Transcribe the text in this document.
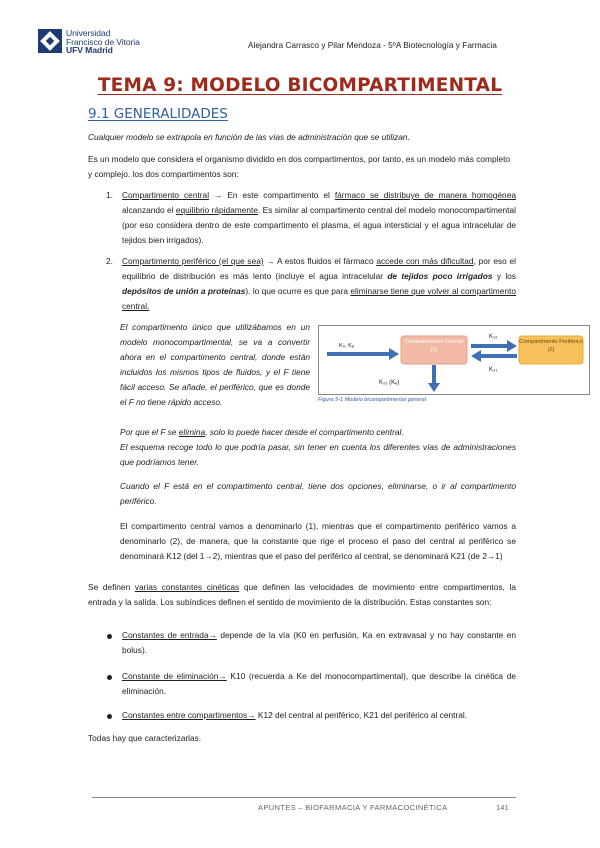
Universidad
Francisco de Vitoria
UFV Madrid
Alejandra Carrasco y Pilar Mendoza - 5ºA Biotecnología y Farmacia
TEMA 9: MODELO BICOMPARTIMENTAL
9.1 GENERALIDADES
Cualquier modelo se extrapola en función de las vías de administración que se utilizan.
Es un modelo que considera el organismo dividido en dos compartimentos, por tanto, es un modelo más completo y complejo. los dos compartimentos son:
1. Compartimento central → En este compartimento el fármaco se distribuye de manera homogénea alcanzando el equilibrio rápidamente. Es similar al compartimento central del modelo monocompartimental (por eso considera dentro de este compartimento el plasma, el agua intersticial y el agua intracelular de tejidos bien irrigados).
2. Compartimento periférico (el que sea) → A estos fluidos el fármaco accede con más dificultad, por eso el equilibrio de distribución es más lento (incluye el agua intracelular de tejidos poco irrigados y los depósitos de unión a proteínas). lo que ocurre es que para eliminarse tiene que volver al compartimento central.
El compartimento único que utilizábamos en un modelo monocompartimental, se va a convertir ahora en el compartimento central, donde están incluidos los mismos tipos de fluidos, y el F tiene fácil acceso. Se añade, el periférico, que es donde el F no tiene rápido acceso.
K₀, Kₐ
Compartimento Central (1)
Compartimento Periférico (2)
K₁₂
K₂₁
K₁₀ (Kₑ)
Figura 5-1 Modelo bicompartimental general
Por que el F se elimina, solo lo puede hacer desde el compartimento central.
El esquema recoge todo lo que podría pasar, sin tener en cuenta los diferentes vías de administraciones que podríamos tener.
Cuando el F está en el compartimento central, tiene dos opciones, eliminarse, o ir al compartimento periférico.
El compartimento central vamos a denominarlo (1), mientras que el compartimento periférico vamos a denominarlo (2), de manera, que la constante que rige el proceso el paso del central al periférico se denominará K12 (del 1→2), mientras que el paso del periférico al central, se denominará K21 (de 2→1)
Se definen varias constantes cinéticas que definen las velocidades de movimiento entre compartimentos, la entrada y la salida. Los subíndices definen el sentido de movimiento de la distribución. Estas constantes son:
Constantes de entrada→ depende de la vía (K0 en perfusión, Ka en extravasal y no hay constante en bolus).
Constante de eliminación→ K10 (recuerda a Ke del monocompartimental), que describe la cinética de eliminación.
Constantes entre compartimentos→ K12 del central al periférico, K21 del periférico al central.
Todas hay que caracterizarlas.
APUNTES – BIOFARMACIA Y FARMACOCINÉTICA	141
